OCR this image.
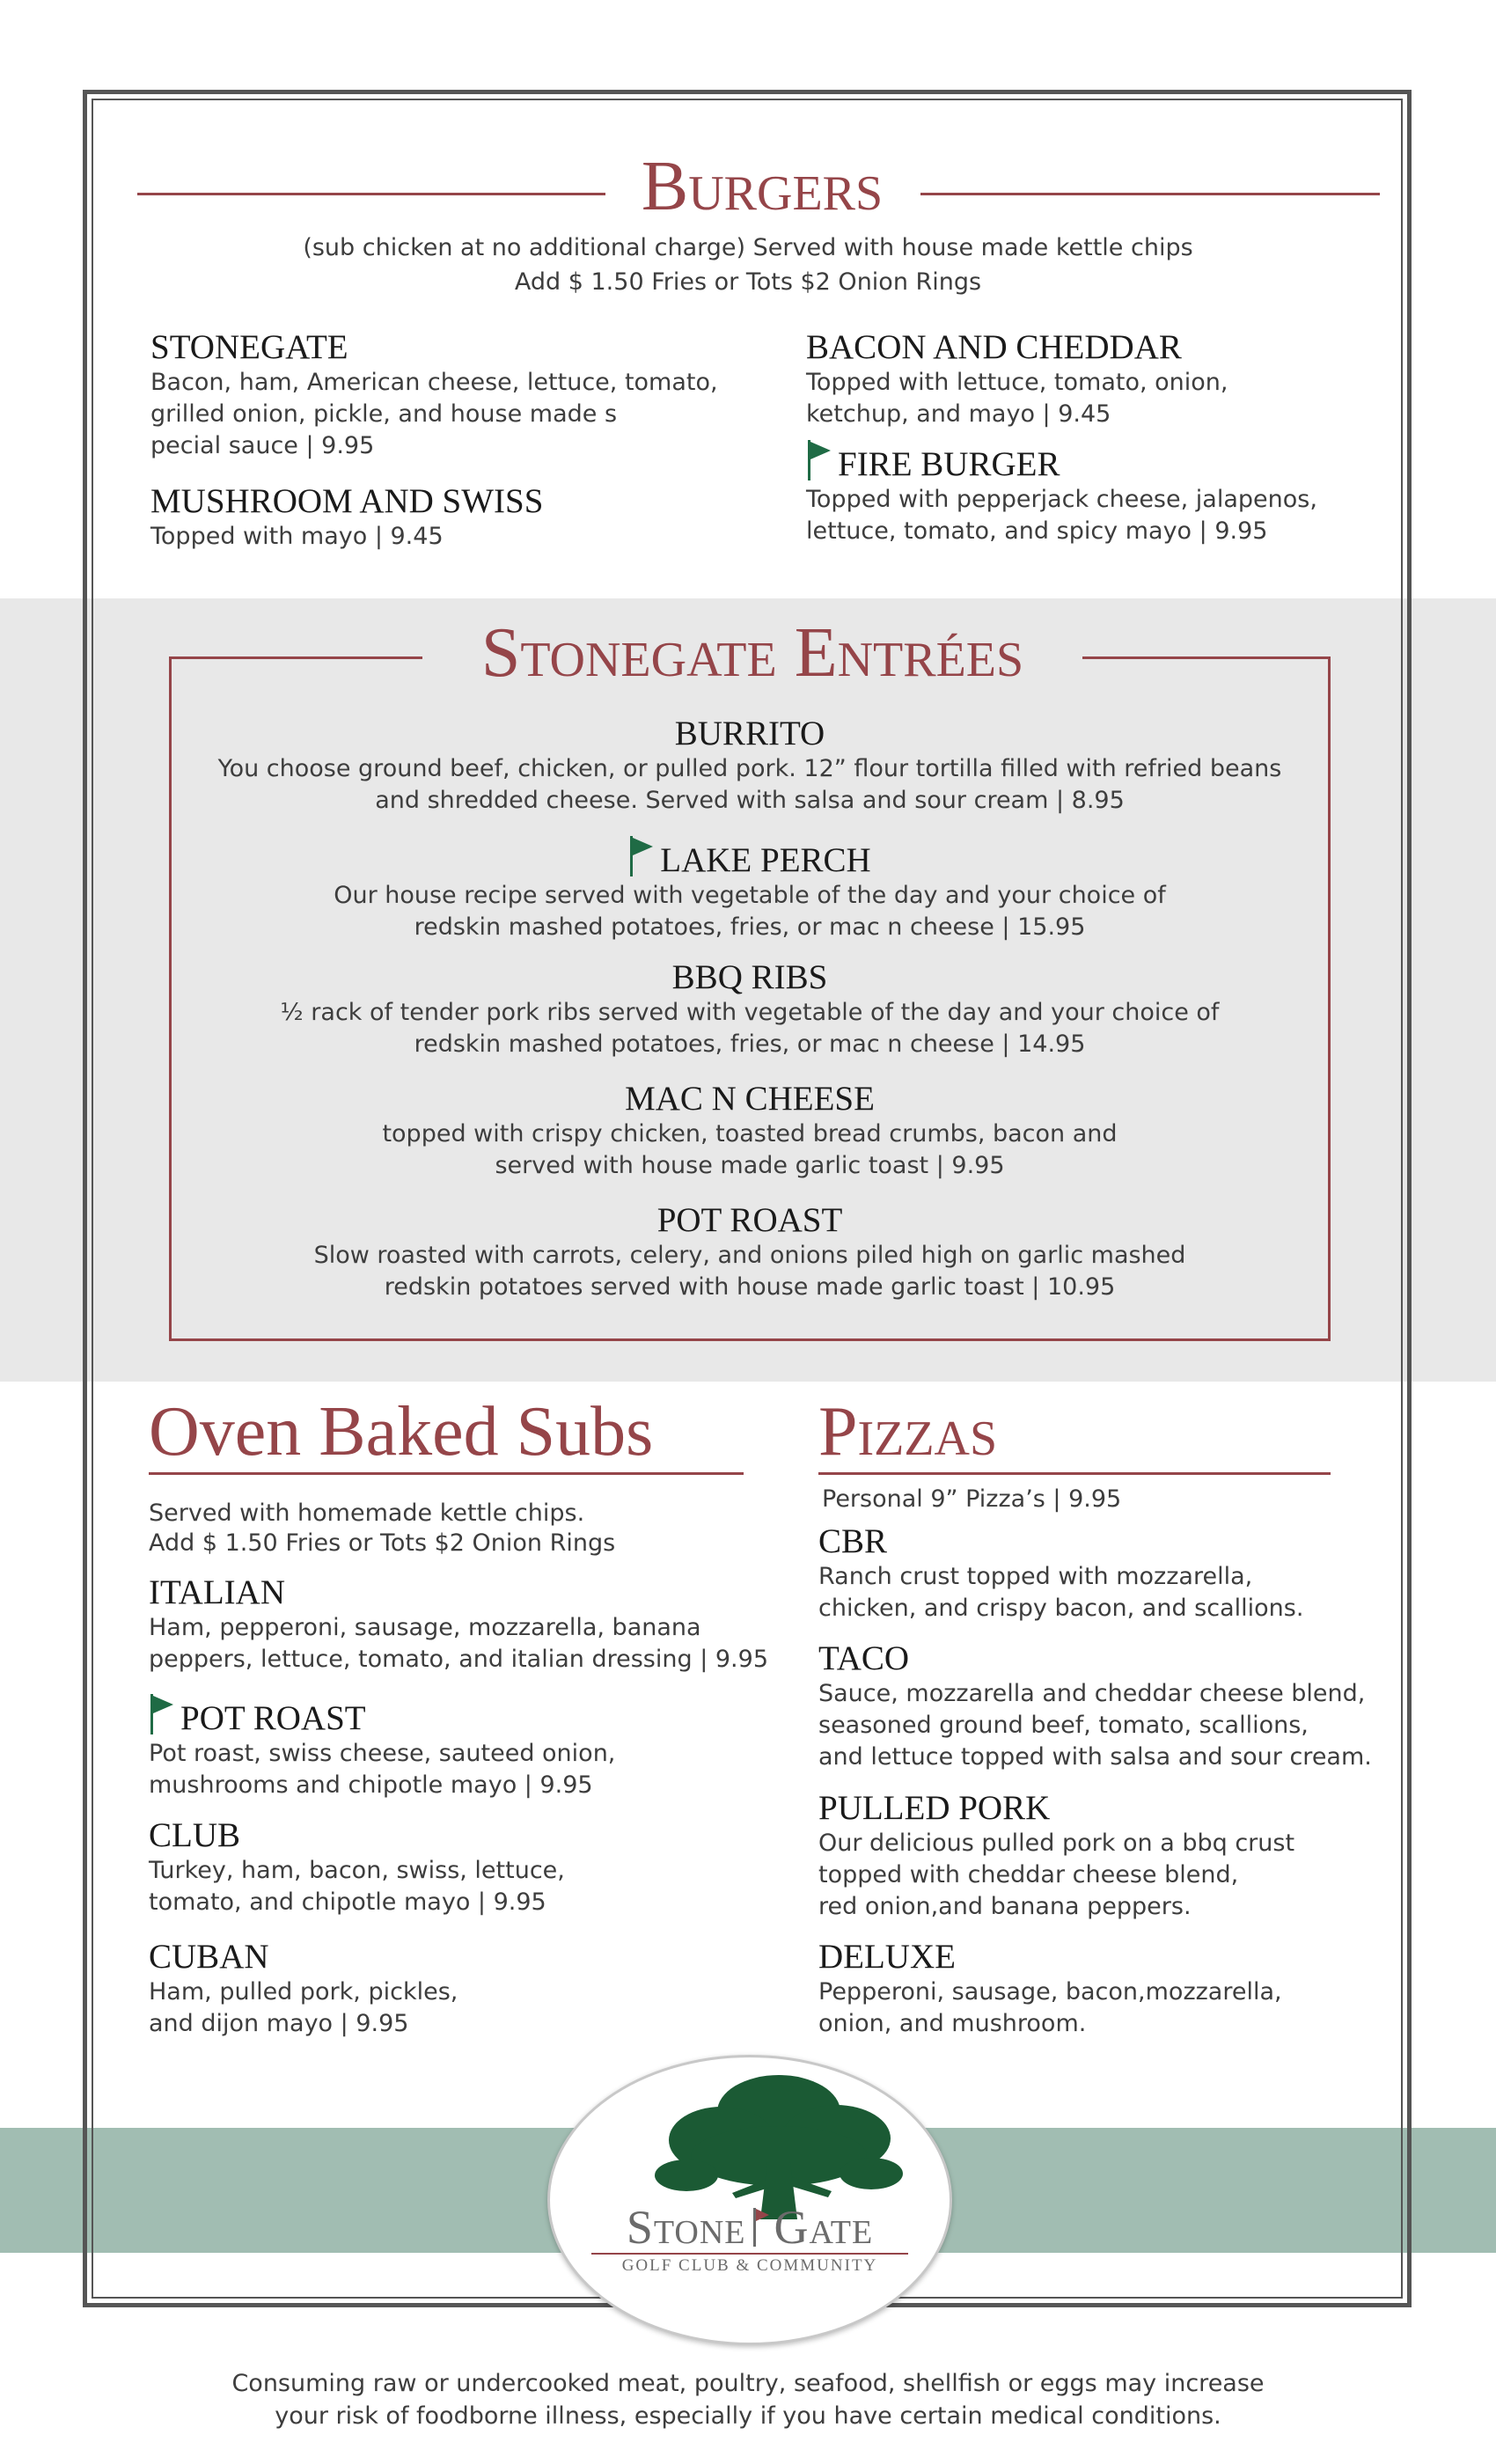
Burgers
(sub chicken at no additional charge) Served with house made kettle chips
Add $ 1.50 Fries or Tots $2 Onion Rings
STONEGATE
Bacon, ham, American cheese, lettuce, tomato,
grilled onion, pickle, and house made s
pecial sauce | 9.95
MUSHROOM AND SWISS
Topped with mayo | 9.45
BACON AND CHEDDAR
Topped with lettuce, tomato, onion,
ketchup, and mayo | 9.45
FIRE BURGER
Topped with pepperjack cheese, jalapenos,
lettuce, tomato, and spicy mayo | 9.95
Stonegate Entrées
BURRITO
You choose ground beef, chicken, or pulled pork. 12” flour tortilla filled with refried beans
and shredded cheese. Served with salsa and sour cream | 8.95
LAKE PERCH
Our house recipe served with vegetable of the day and your choice of
redskin mashed potatoes, fries, or mac n cheese | 15.95
BBQ RIBS
½ rack of tender pork ribs served with vegetable of the day and your choice of
redskin mashed potatoes, fries, or mac n cheese | 14.95
MAC N CHEESE
topped with crispy chicken, toasted bread crumbs, bacon and
served with house made garlic toast | 9.95
POT ROAST
Slow roasted with carrots, celery, and onions piled high on garlic mashed
redskin potatoes served with house made garlic toast | 10.95
Oven Baked Subs
Served with homemade kettle chips.
Add $ 1.50 Fries or Tots $2 Onion Rings
ITALIAN
Ham, pepperoni, sausage, mozzarella, banana
peppers, lettuce, tomato, and italian dressing | 9.95
POT ROAST
Pot roast, swiss cheese, sauteed onion,
mushrooms and chipotle mayo | 9.95
CLUB
Turkey, ham, bacon, swiss, lettuce,
tomato, and chipotle mayo | 9.95
CUBAN
Ham, pulled pork, pickles,
and dijon mayo | 9.95
Pizzas
Personal 9” Pizza’s | 9.95
CBR
Ranch crust topped with mozzarella,
chicken, and crispy bacon, and scallions.
TACO
Sauce, mozzarella and cheddar cheese blend,
seasoned ground beef, tomato, scallions,
and lettuce topped with salsa and sour cream.
PULLED PORK
Our delicious pulled pork on a bbq crust
topped with cheddar cheese blend,
red onion,and banana peppers.
DELUXE
Pepperoni, sausage, bacon,mozzarella,
onion, and mushroom.
Stone Gate
GOLF CLUB & COMMUNITY
Consuming raw or undercooked meat, poultry, seafood, shellfish or eggs may increase
your risk of foodborne illness, especially if you have certain medical conditions.
